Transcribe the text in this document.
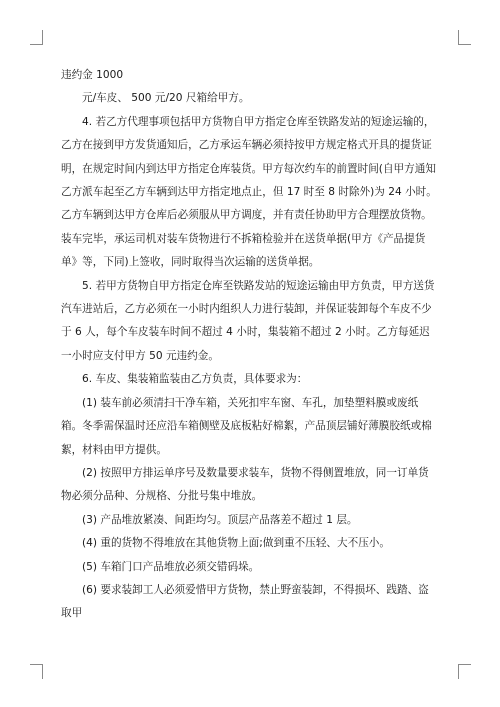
违约金 1000

元/车皮、 500 元/20 尺箱给甲方。

4. 若乙方代理事项包括甲方货物自甲方指定仓库至铁路发站的短途运输的，乙方在接到甲方发货通知后，乙方承运车辆必须持按甲方规定格式开具的提货证明，在规定时间内到达甲方指定仓库装货。甲方每次约车的前置时间(自甲方通知乙方派车起至乙方车辆到达甲方指定地点止，但 17 时至 8 时除外)为 24 小时。乙方车辆到达甲方仓库后必须服从甲方调度，并有责任协助甲方合理摆放货物。装车完毕，承运司机对装车货物进行不拆箱检验并在送货单据(甲方《产品提货单》等，下同)上签收，同时取得当次运输的送货单据。

5. 若甲方货物自甲方指定仓库至铁路发站的短途运输由甲方负责，甲方送货汽车进站后，乙方必须在一小时内组织人力进行装卸，并保证装卸每个车皮不少于 6 人，每个车皮装车时间不超过 4 小时，集装箱不超过 2 小时。乙方每延迟一小时应支付甲方 50 元违约金。

6. 车皮、集装箱监装由乙方负责，具体要求为：

(1) 装车前必须清扫干净车箱，关死扣牢车窗、车孔，加垫塑料膜或废纸箱。冬季需保温时还应沿车箱侧壁及底板粘好棉絮，产品顶层铺好薄膜胶纸或棉絮，材料由甲方提供。

(2) 按照甲方排运单序号及数量要求装车，货物不得侧置堆放，同一订单货物必须分品种、分规格、分批号集中堆放。

(3) 产品堆放紧凑、间距均匀。顶层产品落差不超过 1 层。

(4) 重的货物不得堆放在其他货物上面;做到重不压轻、大不压小。

(5) 车箱门口产品堆放必须交错码垛。

(6) 要求装卸工人必须爱惜甲方货物，禁止野蛮装卸，不得损坏、践踏、盗取甲
